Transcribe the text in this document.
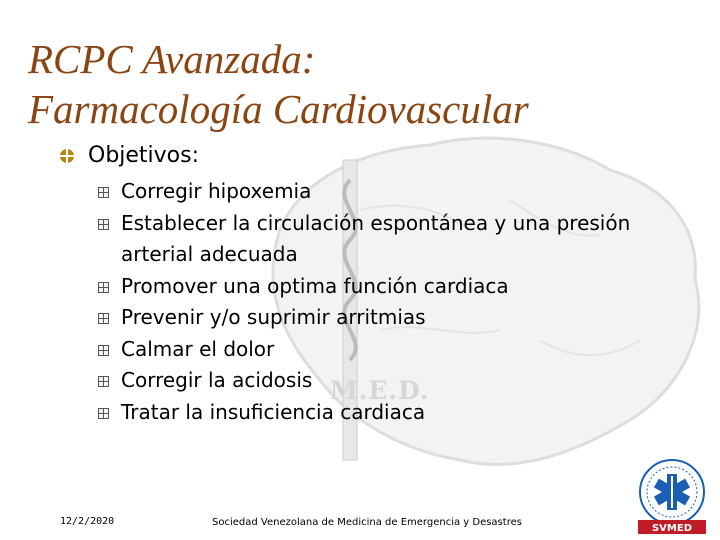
M.E.D.
RCPC Avanzada:
Farmacología Cardiovascular
Objetivos:
Corregir hipoxemia
Establecer la circulación espontánea y una presión arterial adecuada
Promover una optima función cardiaca
Prevenir y/o suprimir arritmias
Calmar el dolor
Corregir la acidosis
Tratar la insuficiencia cardiaca
12/2/2020	Sociedad Venezolana de Medicina de Emergencia y Desastres
SVMED
